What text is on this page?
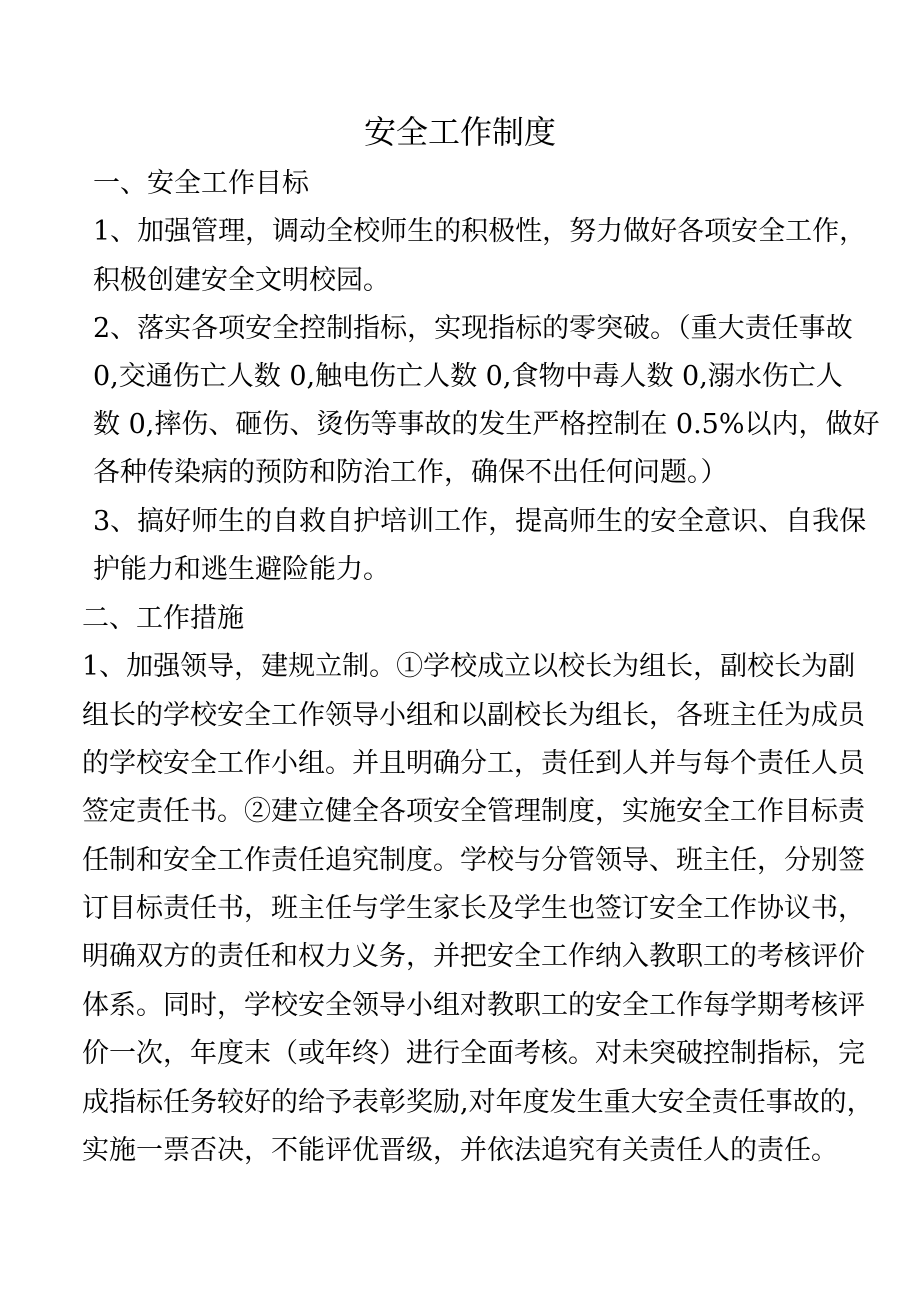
安全工作制度
一、安全工作目标
1、加强管理，调动全校师生的积极性，努力做好各项安全工作，
积极创建安全文明校园。
2、落实各项安全控制指标，实现指标的零突破。（重大责任事故
0,交通伤亡人数 0,触电伤亡人数 0,食物中毒人数 0,溺水伤亡人
数 0,摔伤、砸伤、烫伤等事故的发生严格控制在 0.5%以内，做好
各种传染病的预防和防治工作，确保不出任何问题。）
3、搞好师生的自救自护培训工作，提高师生的安全意识、自我保
护能力和逃生避险能力。
二、工作措施
1、加强领导，建规立制。①学校成立以校长为组长，副校长为副
组长的学校安全工作领导小组和以副校长为组长，各班主任为成员
的学校安全工作小组。并且明确分工，责任到人并与每个责任人员
签定责任书。②建立健全各项安全管理制度，实施安全工作目标责
任制和安全工作责任追究制度。学校与分管领导、班主任，分别签
订目标责任书，班主任与学生家长及学生也签订安全工作协议书，
明确双方的责任和权力义务，并把安全工作纳入教职工的考核评价
体系。同时，学校安全领导小组对教职工的安全工作每学期考核评
价一次，年度末（或年终）进行全面考核。对未突破控制指标，完
成指标任务较好的给予表彰奖励,对年度发生重大安全责任事故的，
实施一票否决，不能评优晋级，并依法追究有关责任人的责任。
